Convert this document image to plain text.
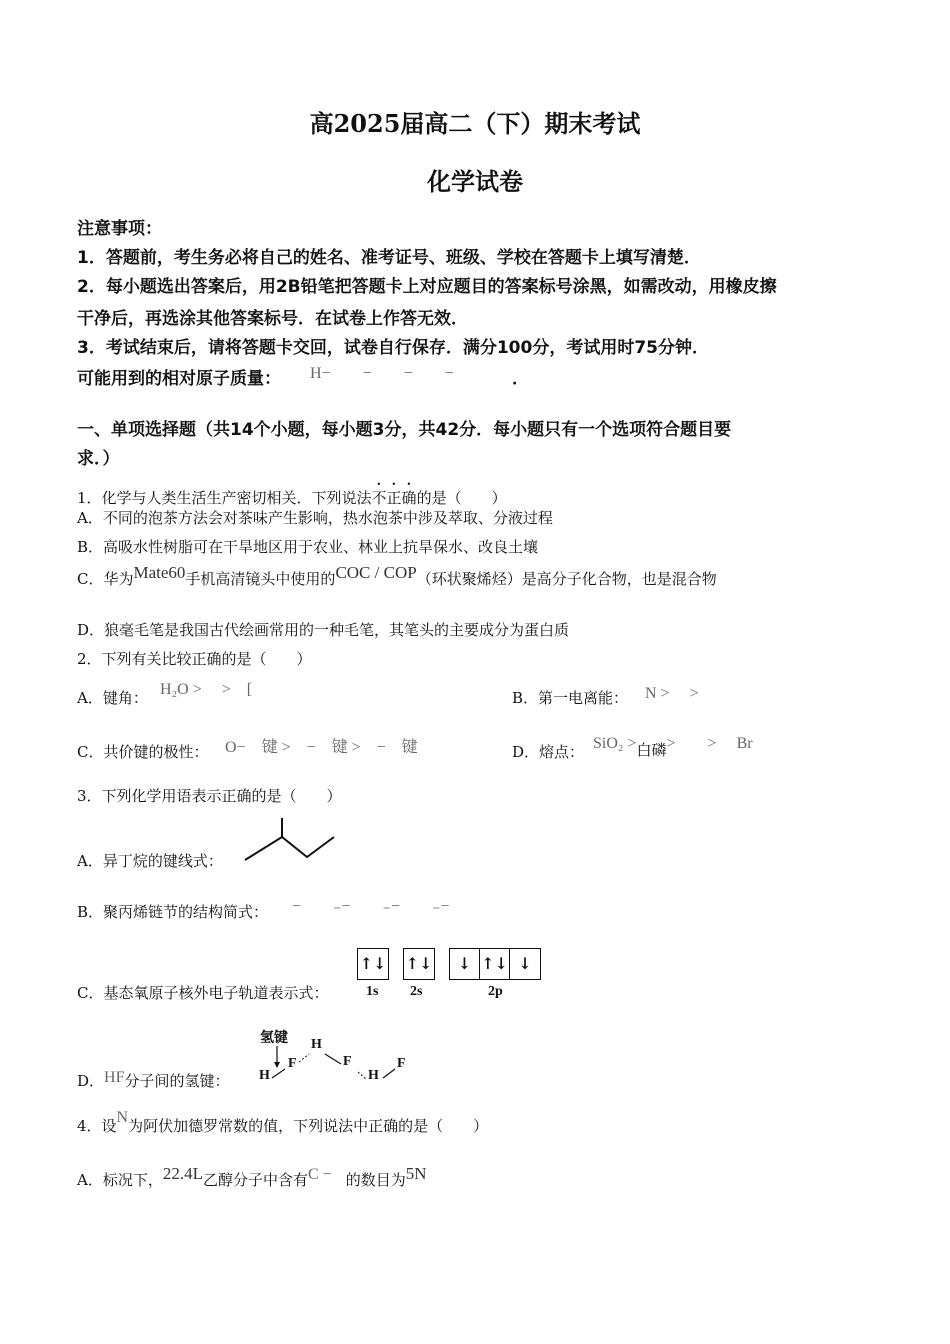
高2025届高二（下）期末考试
化学试卷
注意事项：
1．答题前，考生务必将自己的姓名、准考证号、班级、学校在答题卡上填写清楚．
2．每小题选出答案后，用2B铅笔把答题卡上对应题目的答案标号涂黑，如需改动，用橡皮擦
干净后，再选涂其他答案标号．在试卷上作答无效．
3．考试结束后，请将答题卡交回，试卷自行保存．满分100分，考试用时75分钟．
可能用到的相对原子质量： H−　　−　　−　　−	．
一、单项选择题（共14个小题，每小题3分，共42分．每小题只有一个选项符合题目要
求．）
1．化学与人类生活生产密切相关．下列说法不正确的是（　　）
A．不同的泡茶方法会对茶味产生影响，热水泡茶中涉及萃取、分液过程
B．高吸水性树脂可在干旱地区用于农业、林业上抗旱保水、改良土壤
C．华为Mate60手机高清镜头中使用的COC / COP（环状聚烯烃）是高分子化合物，也是混合物
D．狼毫毛笔是我国古代绘画常用的一种毛笔，其笔头的主要成分为蛋白质
2．下列有关比较正确的是（　　）
A．键角： H₂O >　 >　[	B．第一电离能： N >　 >
C．共价键的极性： O−　键 >　−　键 >　−　键	D．熔点： SiO₂ >白磷>　　>　 Br
3．下列化学用语表示正确的是（　　）
A．异丁烷的键线式：
B．聚丙烯链节的结构简式： −　　₋−　　₋−　　₋−
C．基态氧原子核外电子轨道表示式：
↑↓
1s
↑↓
2s
↓ ↑↓ ↓
2p
D．HF分子间的氢键：
氢键
H
F
H
F
H
F
4．设N为阿伏加德罗常数的值，下列说法中正确的是（　　）
A．标况下，22.4L乙醇分子中含有C − 的数目为5N
